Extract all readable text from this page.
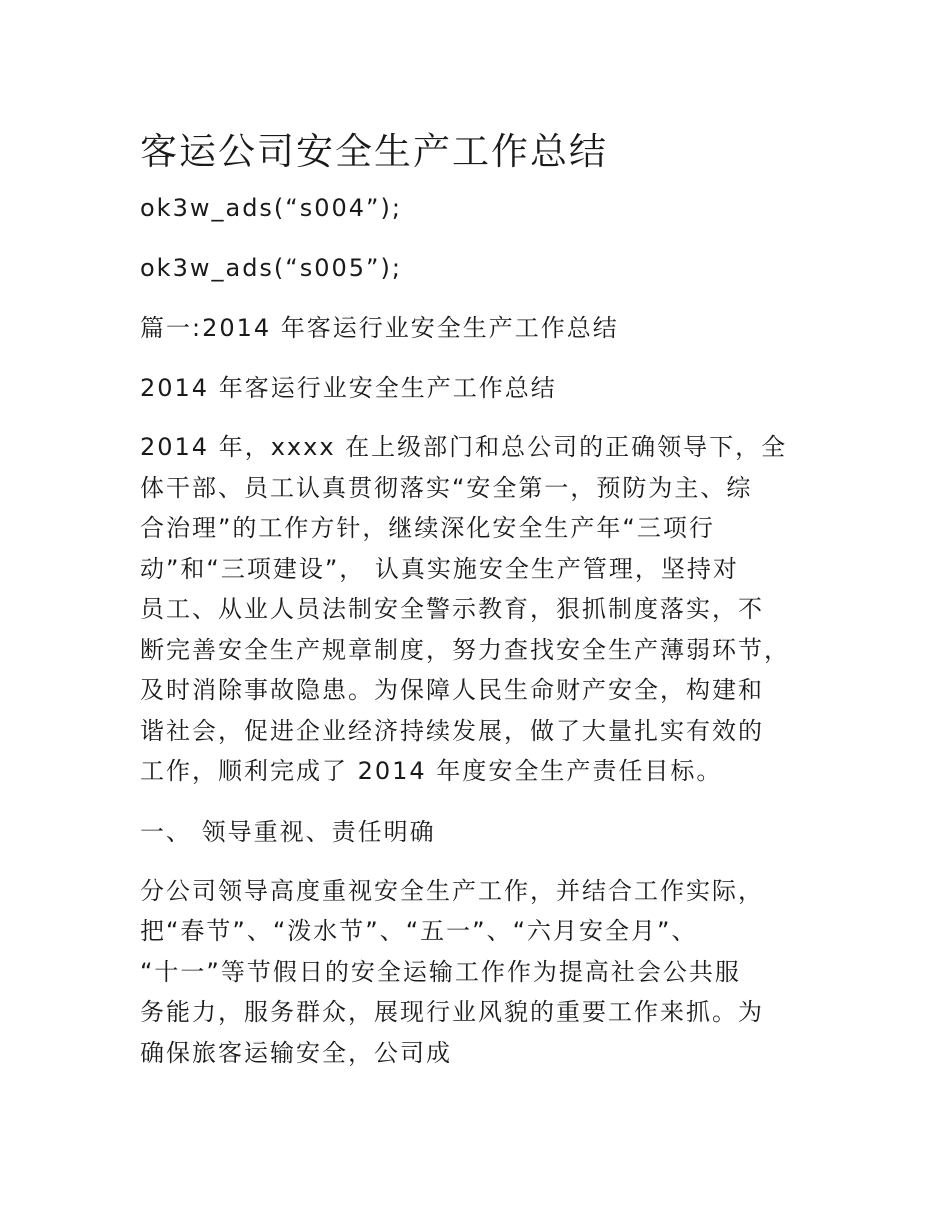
客运公司安全生产工作总结
ok3w_ads(“s004”);
ok3w_ads(“s005”);
篇一:2014 年客运行业安全生产工作总结
2014 年客运行业安全生产工作总结
2014 年，xxxx 在上级部门和总公司的正确领导下，全
体干部、员工认真贯彻落实“安全第一，预防为主、综
合治理”的工作方针，继续深化安全生产年“三项行
动”和“三项建设”， 认真实施安全生产管理，坚持对
员工、从业人员法制安全警示教育，狠抓制度落实，不
断完善安全生产规章制度，努力查找安全生产薄弱环节，
及时消除事故隐患。为保障人民生命财产安全，构建和
谐社会，促进企业经济持续发展，做了大量扎实有效的
工作，顺利完成了 2014 年度安全生产责任目标。
一、 领导重视、责任明确
分公司领导高度重视安全生产工作，并结合工作实际，
把“春节”、“泼水节”、“五一”、“六月安全月”、
“十一”等节假日的安全运输工作作为提高社会公共服
务能力，服务群众，展现行业风貌的重要工作来抓。为
确保旅客运输安全，公司成
